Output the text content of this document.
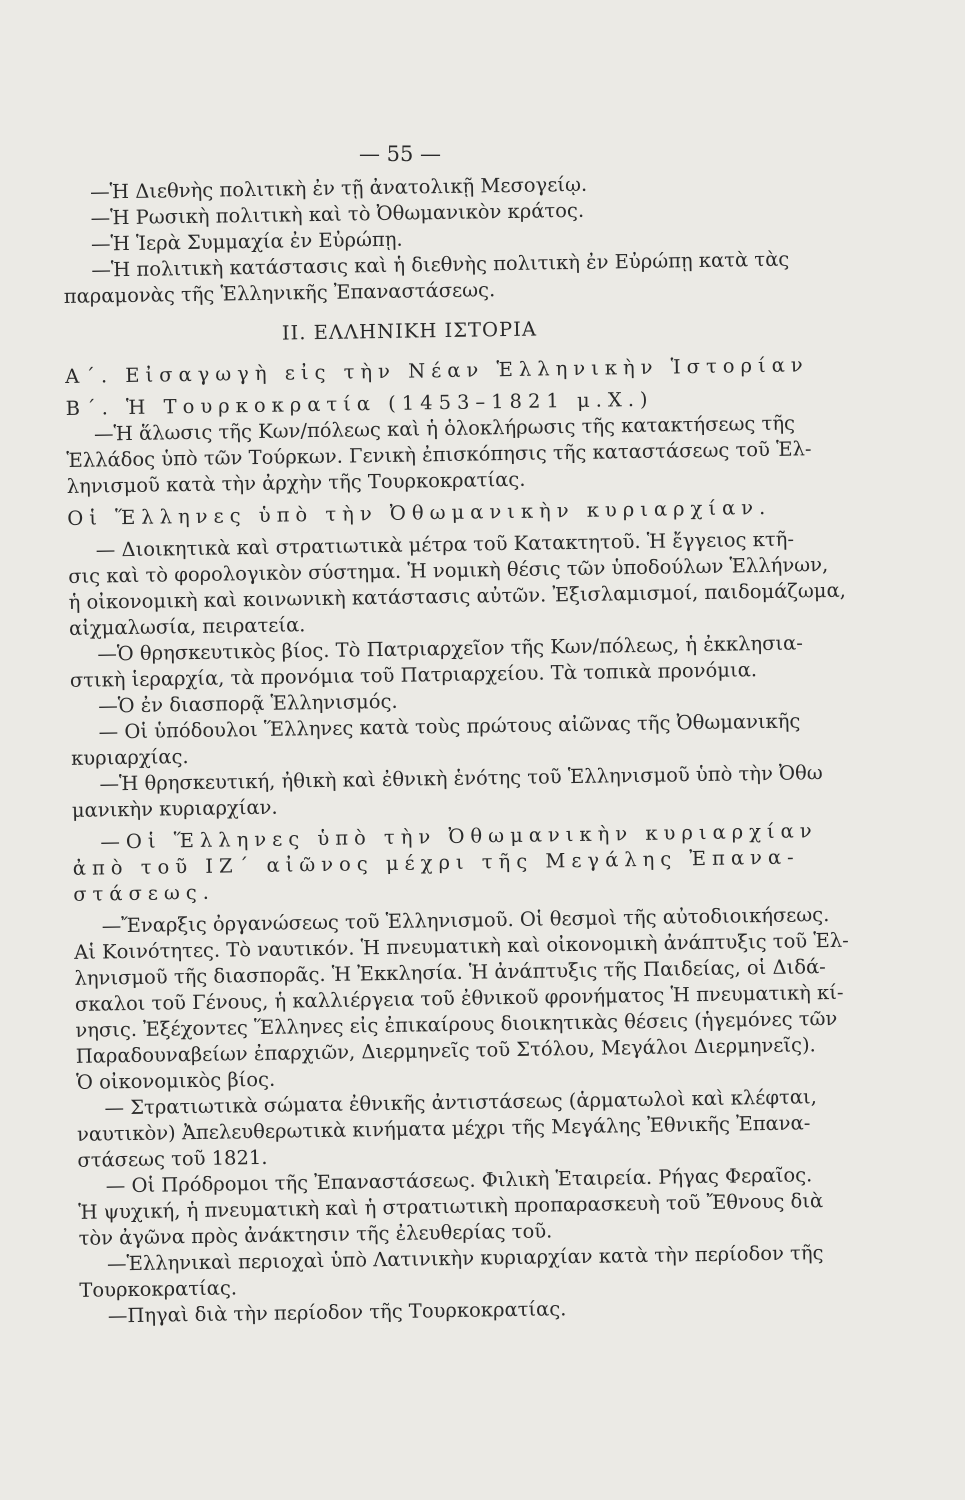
— 55 —
—Ἡ Διεθνὴς πολιτικὴ ἐν τῇ ἀνατολικῇ Μεσογείῳ.
—Ἡ Ρωσικὴ πολιτικὴ καὶ τὸ Ὀθωμανικὸν κράτος.
—Ἡ Ἱερὰ Συμμαχία ἐν Εὐρώπῃ.
—Ἡ πολιτικὴ κατάστασις καὶ ἡ διεθνὴς πολιτικὴ ἐν Εὐρώπῃ κατὰ τὰς
παραμονὰς τῆς Ἑλληνικῆς Ἐπαναστάσεως.
ΙΙ. ΕΛΛΗΝΙΚΗ ΙΣΤΟΡΙΑ
Α΄. Εἰσαγωγὴ εἰς τὴν Νέαν Ἑλληνικὴν Ἱστορίαν
Β΄. Ἡ Τουρκοκρατία (1453–1821 μ.Χ.)
—Ἡ ἅλωσις τῆς Κων/πόλεως καὶ ἡ ὁλοκλήρωσις τῆς κατακτήσεως τῆς
Ἑλλάδος ὑπὸ τῶν Τούρκων. Γενικὴ ἐπισκόπησις τῆς καταστάσεως τοῦ Ἑλ-
ληνισμοῦ κατὰ τὴν ἀρχὴν τῆς Τουρκοκρατίας.
Οἱ Ἕλληνες ὑπὸ τὴν Ὀθωμανικὴν κυριαρχίαν.
— Διοικητικὰ καὶ στρατιωτικὰ μέτρα τοῦ Κατακτητοῦ. Ἡ ἔγγειος κτῆ-
σις καὶ τὸ φορολογικὸν σύστημα. Ἡ νομικὴ θέσις τῶν ὑποδούλων Ἑλλήνων,
ἡ οἰκονομικὴ καὶ κοινωνικὴ κατάστασις αὐτῶν. Ἐξισλαμισμοί, παιδομάζωμα,
αἰχμαλωσία, πειρατεία.
—Ὁ θρησκευτικὸς βίος. Τὸ Πατριαρχεῖον τῆς Κων/πόλεως, ἡ ἐκκλησια-
στικὴ ἱεραρχία, τὰ προνόμια τοῦ Πατριαρχείου. Τὰ τοπικὰ προνόμια.
—Ὁ ἐν διασπορᾷ Ἑλληνισμός.
— Οἱ ὑπόδουλοι Ἕλληνες κατὰ τοὺς πρώτους αἰῶνας τῆς Ὀθωμανικῆς
κυριαρχίας.
—Ἡ θρησκευτική, ἠθικὴ καὶ ἐθνικὴ ἑνότης τοῦ Ἑλληνισμοῦ ὑπὸ τὴν Ὀθω
μανικὴν κυριαρχίαν.
—Οἱ Ἕλληνες ὑπὸ τὴν Ὀθωμανικὴν κυριαρχίαν
ἀπὸ τοῦ ΙΖ΄ αἰῶνος μέχρι τῆς Μεγάλης Ἐπανα-
στάσεως.
—Ἔναρξις ὀργανώσεως τοῦ Ἑλληνισμοῦ. Οἱ θεσμοὶ τῆς αὐτοδιοικήσεως.
Αἱ Κοινότητες. Τὸ ναυτικόν. Ἡ πνευματικὴ καὶ οἰκονομικὴ ἀνάπτυξις τοῦ Ἑλ-
ληνισμοῦ τῆς διασπορᾶς. Ἡ Ἐκκλησία. Ἡ ἀνάπτυξις τῆς Παιδείας, οἱ Διδά-
σκαλοι τοῦ Γένους, ἡ καλλιέργεια τοῦ ἐθνικοῦ φρονήματος Ἡ πνευματικὴ κί-
νησις. Ἐξέχοντες Ἕλληνες εἰς ἐπικαίρους διοικητικὰς θέσεις (ἡγεμόνες τῶν
Παραδουναβείων ἐπαρχιῶν, Διερμηνεῖς τοῦ Στόλου, Μεγάλοι Διερμηνεῖς).
Ὁ οἰκονομικὸς βίος.
— Στρατιωτικὰ σώματα ἐθνικῆς ἀντιστάσεως (ἁρματωλοὶ καὶ κλέφται,
ναυτικὸν) Ἀπελευθερωτικὰ κινήματα μέχρι τῆς Μεγάλης Ἐθνικῆς Ἐπανα-
στάσεως τοῦ 1821.
— Οἱ Πρόδρομοι τῆς Ἐπαναστάσεως. Φιλικὴ Ἑταιρεία. Ρήγας Φεραῖος.
Ἡ ψυχική, ἡ πνευματικὴ καὶ ἡ στρατιωτικὴ προπαρασκευὴ τοῦ Ἔθνους διὰ
τὸν ἀγῶνα πρὸς ἀνάκτησιν τῆς ἐλευθερίας τοῦ.
—Ἑλληνικαὶ περιοχαὶ ὑπὸ Λατινικὴν κυριαρχίαν κατὰ τὴν περίοδον τῆς
Τουρκοκρατίας.
—Πηγαὶ διὰ τὴν περίοδον τῆς Τουρκοκρατίας.
